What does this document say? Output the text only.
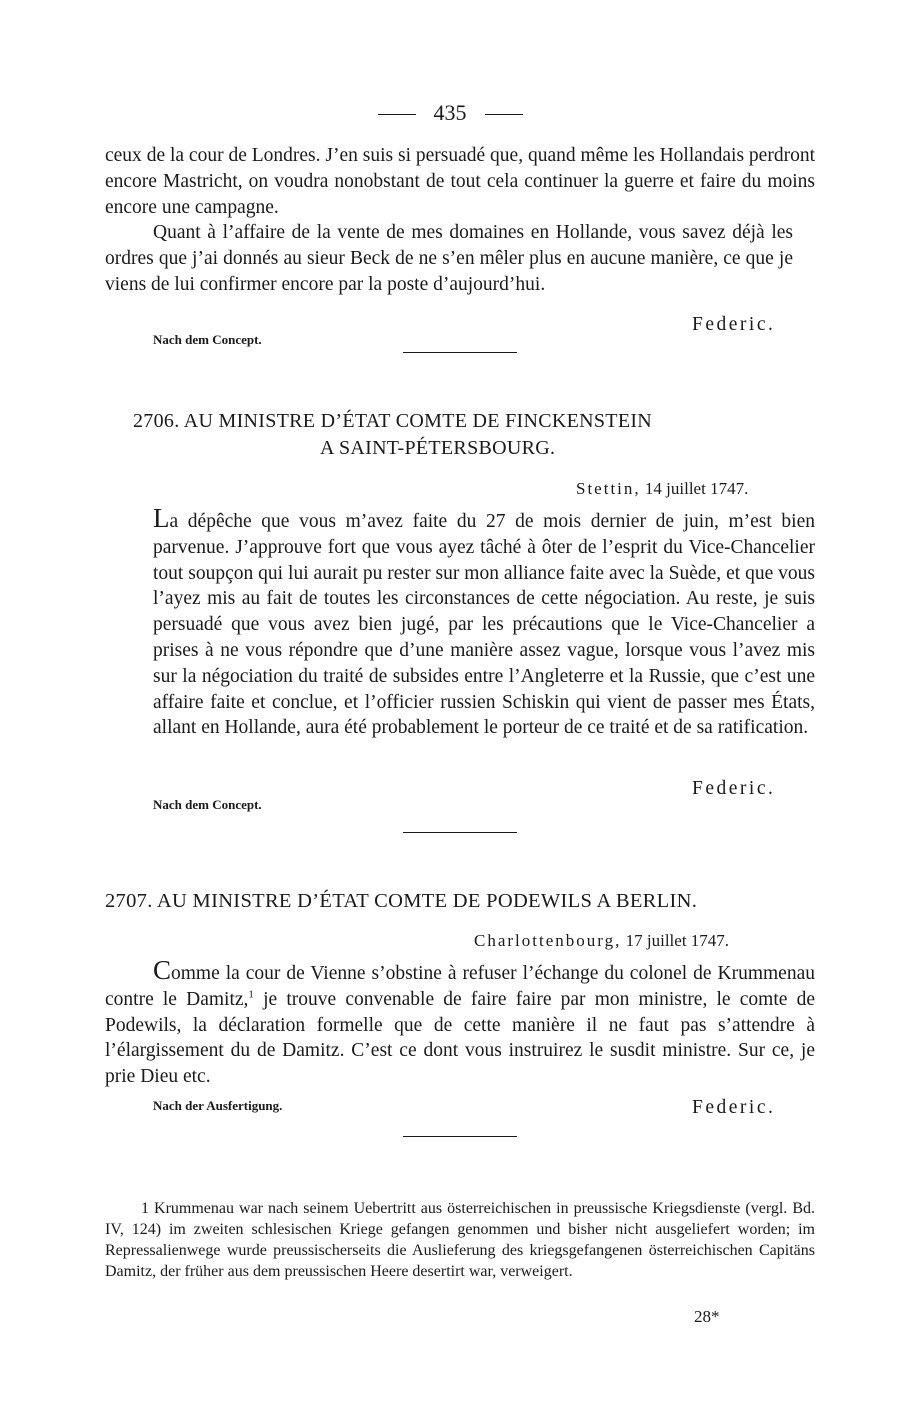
435

ceux de la cour de Londres. J’en suis si persuadé que, quand même les Hollandais perdront encore Mastricht, on voudra nonobstant de tout cela continuer la guerre et faire du moins encore une campagne.

Quant à l’affaire de la vente de mes domaines en Hollande, vous savez déjà les ordres que j’ai donnés au sieur Beck de ne s’en mêler plus en aucune manière, ce que je viens de lui confirmer encore par la poste d’aujourd’hui.

Federic.
Nach dem Concept.
2706. AU MINISTRE D’ÉTAT COMTE DE FINCKENSTEIN
A SAINT-PÉTERSBOURG.
Stettin, 14 juillet 1747.

La dépêche que vous m’avez faite du 27 de mois dernier de juin, m’est bien parvenue. J’approuve fort que vous ayez tâché à ôter de l’esprit du Vice-Chancelier tout soupçon qui lui aurait pu rester sur mon alliance faite avec la Suède, et que vous l’ayez mis au fait de toutes les circonstances de cette négociation. Au reste, je suis persuadé que vous avez bien jugé, par les précautions que le Vice-Chancelier a prises à ne vous répondre que d’une manière assez vague, lorsque vous l’avez mis sur la négociation du traité de subsides entre l’Angleterre et la Russie, que c’est une affaire faite et conclue, et l’officier russien Schiskin qui vient de passer mes États, allant en Hollande, aura été probablement le porteur de ce traité et de sa ratification.

Federic.
Nach dem Concept.
2707. AU MINISTRE D’ÉTAT COMTE DE PODEWILS A BERLIN.
Charlottenbourg, 17 juillet 1747.

Comme la cour de Vienne s’obstine à refuser l’échange du colonel de Krummenau contre le Damitz,$^1$ je trouve convenable de faire faire par mon ministre, le comte de Podewils, la déclaration formelle que de cette manière il ne faut pas s’attendre à l’élargissement du de Damitz. C’est ce dont vous instruirez le susdit ministre. Sur ce, je prie Dieu etc.

Nach der Ausfertigung.	Federic.
1 Krummenau war nach seinem Uebertritt aus österreichischen in preussische Kriegsdienste (vergl. Bd. IV, 124) im zweiten schlesischen Kriege gefangen genommen und bisher nicht ausgeliefert worden; im Repressalienwege wurde preussischerseits die Auslieferung des kriegsgefangenen österreichischen Capitäns Damitz, der früher aus dem preussischen Heere desertirt war, verweigert.
28*
